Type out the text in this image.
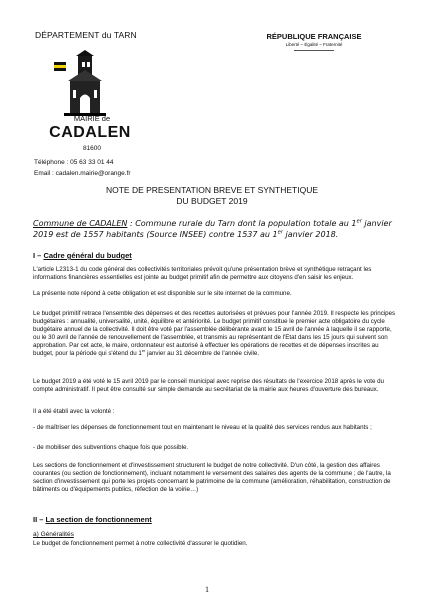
DÉPARTEMENT du TARN	RÉPUBLIQUE FRANÇAISE
Liberté – Égalité – Fraternité
MAIRIE de
CADALEN
81600
Téléphone : 05 63 33 01 44
Email : cadalen.mairie@orange.fr
NOTE DE PRESENTATION BREVE ET SYNTHETIQUE
DU BUDGET 2019
Commune de CADALEN : Commune rurale du Tarn dont la population totale au 1er janvier 2019 est de 1557 habitants (Source INSEE) contre 1537 au 1er janvier 2018.
I – Cadre général du budget
L'article L2313-1 du code général des collectivités territoriales prévoit qu'une présentation brève et synthétique retraçant les informations financières essentielles est jointe au budget primitif afin de permettre aux citoyens d'en saisir les enjeux.
La présente note répond à cette obligation et est disponible sur le site internet de la commune.
Le budget primitif retrace l'ensemble des dépenses et des recettes autorisées et prévues pour l'année 2019. Il respecte les principes budgétaires : annualité, universalité, unité, équilibre et antériorité. Le budget primitif constitue le premier acte obligatoire du cycle budgétaire annuel de la collectivité. Il doit être voté par l'assemblée délibérante avant le 15 avril de l'année à laquelle il se rapporte, ou le 30 avril de l'année de renouvellement de l'assemblée, et transmis au représentant de l'Etat dans les 15 jours qui suivent son approbation. Par cet acte, le maire, ordonnateur est autorisé à effectuer les opérations de recettes et de dépenses inscrites au budget, pour la période qui s'étend du 1er janvier au 31 décembre de l'année civile.
Le budget 2019 a été voté le 15 avril 2019 par le conseil municipal avec reprise des résultats de l'exercice 2018 après le vote du compte administratif. Il peut être consulté sur simple demande au secrétariat de la mairie aux heures d'ouverture des bureaux.
Il a été établi avec la volonté :
- de maîtriser les dépenses de fonctionnement tout en maintenant le niveau et la qualité des services rendus aux habitants ;
- de mobiliser des subventions chaque fois que possible.
Les sections de fonctionnement et d'investissement structurent le budget de notre collectivité. D'un côté, la gestion des affaires courantes (ou section de fonctionnement), incluant notamment le versement des salaires des agents de la commune ; de l'autre, la section d'investissement qui porte les projets concernant le patrimoine de la commune (amélioration, réhabilitation, construction de bâtiments ou d'équipements publics, réfection de la voirie…)
II – La section de fonctionnement
a) Généralités
Le budget de fonctionnement permet à notre collectivité d'assurer le quotidien.
1
